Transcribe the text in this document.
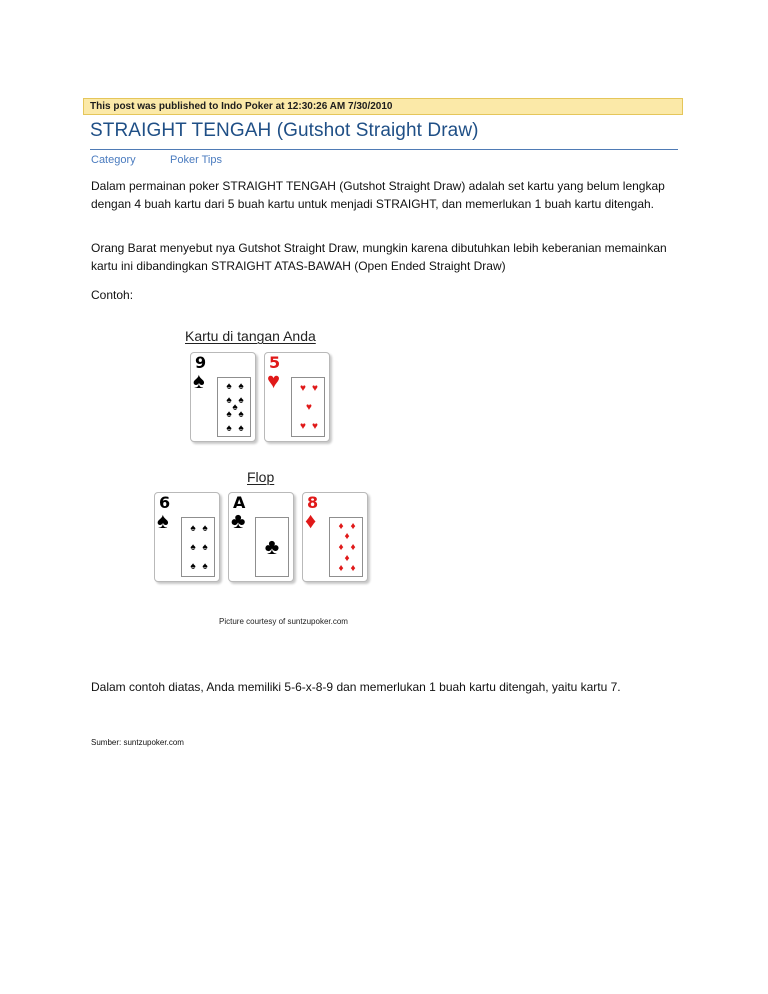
This post was published to Indo Poker at 12:30:26 AM 7/30/2010
STRAIGHT TENGAH (Gutshot Straight Draw)
Category	Poker Tips
Dalam permainan poker STRAIGHT TENGAH (Gutshot Straight Draw) adalah set kartu yang belum lengkap dengan 4 buah kartu dari 5 buah kartu untuk menjadi STRAIGHT, dan memerlukan 1 buah kartu ditengah.
Orang Barat menyebut nya Gutshot Straight Draw, mungkin karena dibutuhkan lebih keberanian memainkan kartu ini dibandingkan STRAIGHT ATAS-BAWAH (Open Ended Straight Draw)
Contoh:
Kartu di tangan Anda
9
♠ ♠ ♠
♠ ♠
♠
♠ ♠
♠ ♠
5
♥ ♥ ♥
♥
♥ ♥
Flop
6
♠ ♠ ♠
♠ ♠
♠ ♠
A
♣
♣
8
♦ ♦ ♦
♦
♦ ♦
♦
♦ ♦
Picture courtesy of suntzupoker.com
Dalam contoh diatas, Anda memiliki 5-6-x-8-9 dan memerlukan 1 buah kartu ditengah, yaitu kartu 7.
Sumber: suntzupoker.com
